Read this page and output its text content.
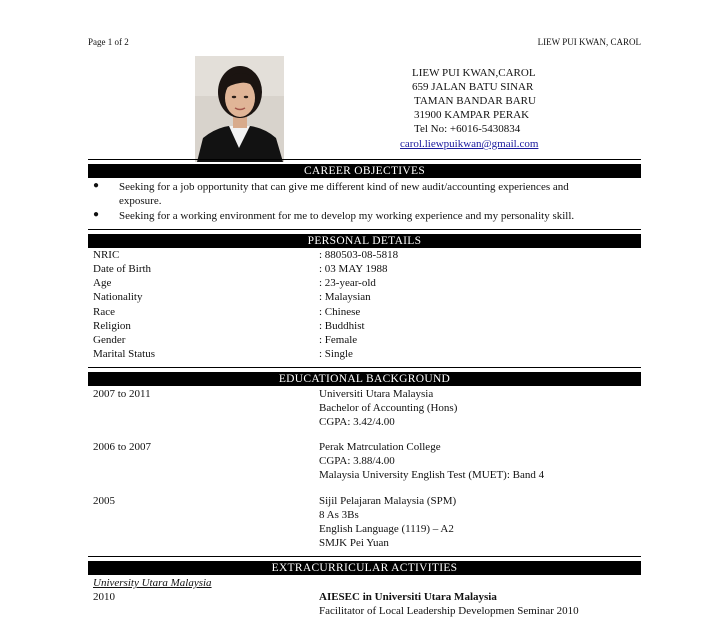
Page 1 of 2	LIEW PUI KWAN, CAROL
LIEW PUI KWAN,CAROL
659 JALAN BATU SINAR
TAMAN BANDAR BARU
31900 KAMPAR PERAK
Tel No: +6016-5430834
carol.liewpuikwan@gmail.com
CAREER OBJECTIVES
● Seeking for a job opportunity that can give me different kind of new audit/accounting experiences and
exposure.
● Seeking for a working environment for me to develop my working experience and my personality skill.
PERSONAL DETAILS
NRIC	: 880503-08-5818
Date of Birth	: 03 MAY 1988
Age	: 23-year-old
Nationality	: Malaysian
Race	: Chinese
Religion	: Buddhist
Gender	: Female
Marital Status	: Single
EDUCATIONAL BACKGROUND
2007 to 2011	Universiti Utara Malaysia
Bachelor of Accounting (Hons)
CGPA: 3.42/4.00
2006 to 2007	Perak Matrculation College
CGPA: 3.88/4.00
Malaysia University English Test (MUET): Band 4
2005	Sijil Pelajaran Malaysia (SPM)
8 As 3Bs
English Language (1119) – A2
SMJK Pei Yuan
EXTRACURRICULAR ACTIVITIES
University Utara Malaysia
2010	AIESEC in Universiti Utara Malaysia
Facilitator of Local Leadership Developmen Seminar 2010
